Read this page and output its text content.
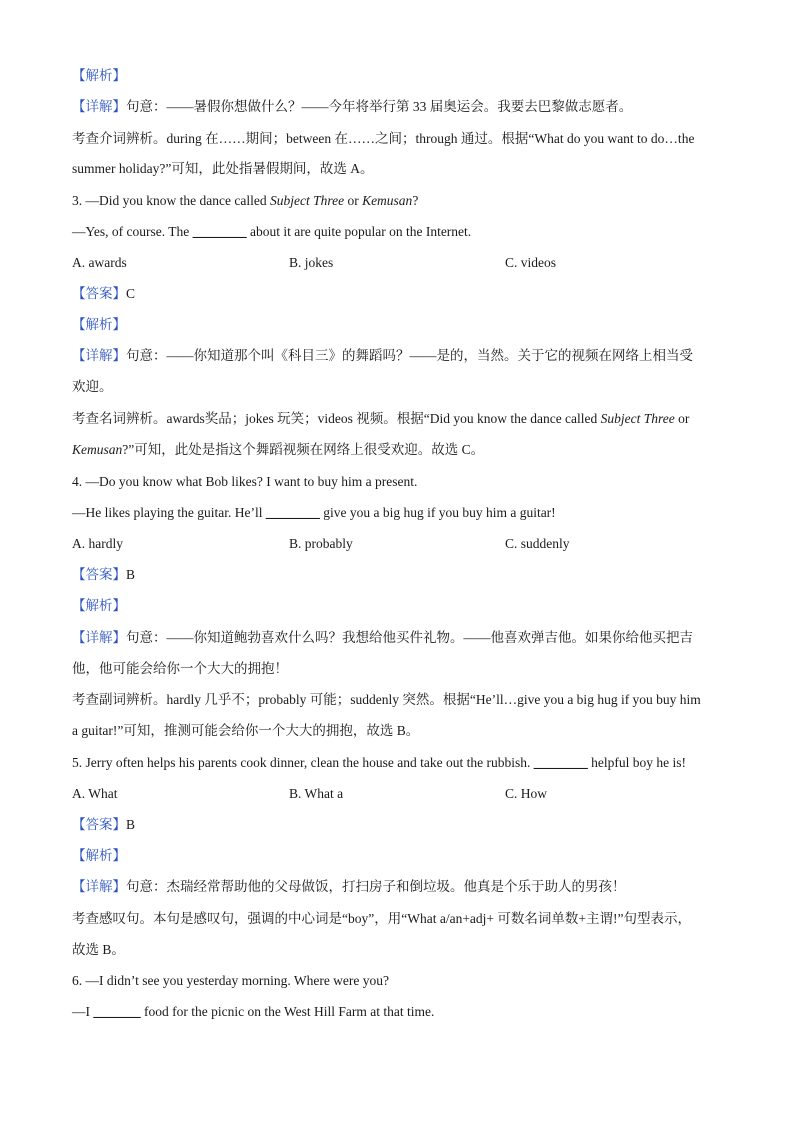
【解析】
【详解】句意：——暑假你想做什么？——今年将举行第 33 届奥运会。我要去巴黎做志愿者。
考查介词辨析。during 在……期间；between 在……之间；through 通过。根据“What do you want to do…the
summer holiday?”可知，此处指暑假期间，故选 A。
3. —Did you know the dance called Subject Three or Kemusan?
—Yes, of course. The ________ about it are quite popular on the Internet.
A. awards	B. jokes	C. videos
【答案】C
【解析】
【详解】句意：——你知道那个叫《科目三》的舞蹈吗？——是的，当然。关于它的视频在网络上相当受
欢迎。
考查名词辨析。awards奖品；jokes 玩笑；videos 视频。根据“Did you know the dance called Subject Three or
Kemusan?”可知，此处是指这个舞蹈视频在网络上很受欢迎。故选 C。
4. —Do you know what Bob likes? I want to buy him a present.
—He likes playing the guitar. He’ll ________ give you a big hug if you buy him a guitar!
A. hardly	B. probably	C. suddenly
【答案】B
【解析】
【详解】句意：——你知道鲍勃喜欢什么吗？我想给他买件礼物。——他喜欢弹吉他。如果你给他买把吉
他，他可能会给你一个大大的拥抱！
考查副词辨析。hardly 几乎不；probably 可能；suddenly 突然。根据“He’ll…give you a big hug if you buy him
a guitar!”可知，推测可能会给你一个大大的拥抱，故选 B。
5. Jerry often helps his parents cook dinner, clean the house and take out the rubbish. ________ helpful boy he is!
A. What	B. What a	C. How
【答案】B
【解析】
【详解】句意：杰瑞经常帮助他的父母做饭，打扫房子和倒垃圾。他真是个乐于助人的男孩！
考查感叹句。本句是感叹句，强调的中心词是“boy”，用“What a/an+adj+ 可数名词单数+主谓!”句型表示，
故选 B。
6. —I didn’t see you yesterday morning. Where were you?
—I _______ food for the picnic on the West Hill Farm at that time.
